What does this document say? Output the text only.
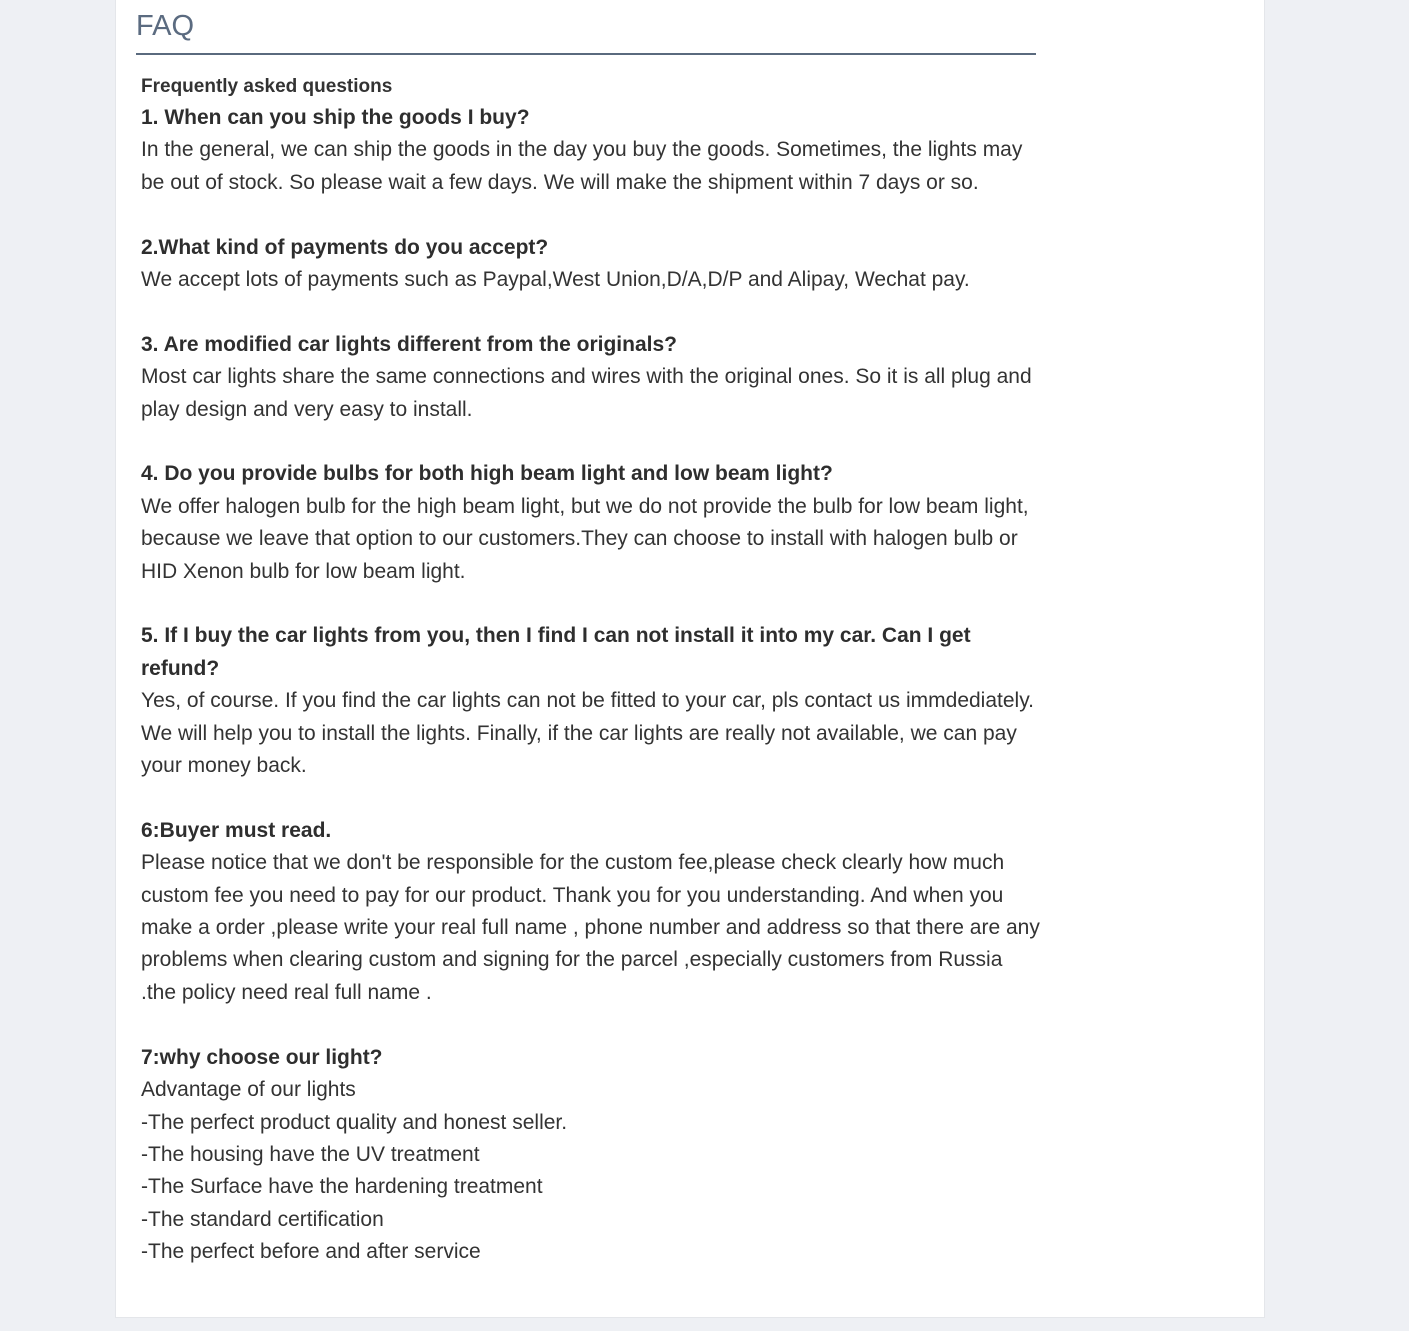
FAQ
Frequently asked questions
1. When can you ship the goods I buy?

In the general, we can ship the goods in the day you buy the goods. Sometimes, the lights may be out of stock. So please wait a few days. We will make the shipment within 7 days or so.

2.What kind of payments do you accept?

We accept lots of payments such as Paypal,West Union,D/A,D/P and Alipay, Wechat pay.

3. Are modified car lights different from the originals?

Most car lights share the same connections and wires with the original ones. So it is all plug and play design and very easy to install.

4. Do you provide bulbs for both high beam light and low beam light?

We offer halogen bulb for the high beam light, but we do not provide the bulb for low beam light, because we leave that option to our customers.They can choose to install with halogen bulb or HID Xenon bulb for low beam light.

5. If I buy the car lights from you, then I find I can not install it into my car. Can I get refund?

Yes, of course. If you find the car lights can not be fitted to your car, pls contact us immdediately. We will help you to install the lights. Finally, if the car lights are really not available, we can pay your money back.

6:Buyer must read.

Please notice that we don't be responsible for the custom fee,please check clearly how much custom fee you need to pay for our product. Thank you for you understanding. And when you make a order ,please write your real full name , phone number and address so that there are any problems when clearing custom and signing for the parcel ,especially customers from Russia .the policy need real full name .

7:why choose our light?

Advantage of our lights

-The perfect product quality and honest seller.

-The housing have the UV treatment

-The Surface have the hardening treatment

-The standard certification

-The perfect before and after service
